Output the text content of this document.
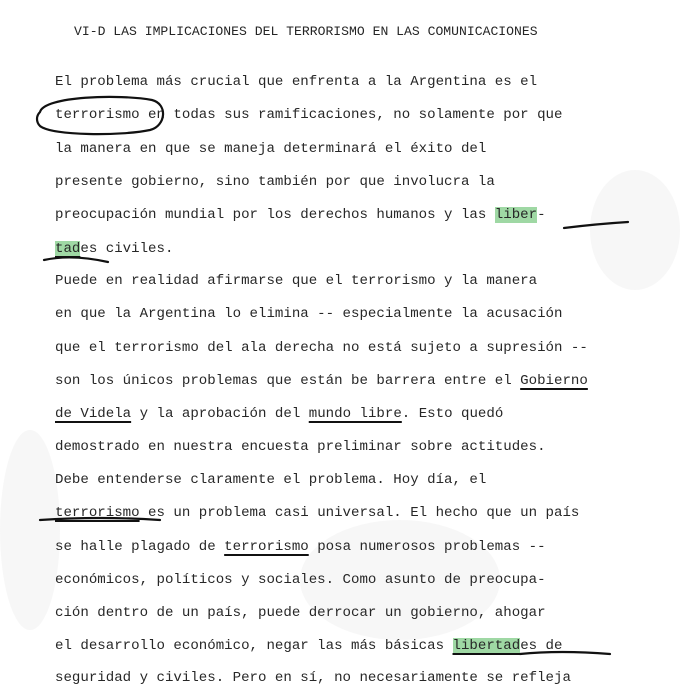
VI-D LAS IMPLICACIONES DEL TERRORISMO EN LAS COMUNICACIONES
El problema más crucial que enfrenta a la Argentina es el
terrorismo en todas sus ramificaciones, no solamente por que
la manera en que se maneja determinará el éxito del
presente gobierno, sino también por que involucra la
preocupación mundial por los derechos humanos y las liber-
tades civiles.
Puede en realidad afirmarse que el terrorismo y la manera
en que la Argentina lo elimina -- especialmente la acusación
que el terrorismo del ala derecha no está sujeto a supresión --
son los únicos problemas que están be barrera entre el Gobierno
de Videla y la aprobación del mundo libre. Esto quedó
demostrado en nuestra encuesta preliminar sobre actitudes.
Debe entenderse claramente el problema. Hoy día, el
terrorismo es un problema casi universal. El hecho que un país
se halle plagado de terrorismo posa numerosos problemas --
económicos, políticos y sociales. Como asunto de preocupa-
ción dentro de un país, puede derrocar un gobierno, ahogar
el desarrollo económico, negar las más básicas libertades de
seguridad y civiles. Pero en sí, no necesariamente se refleja
